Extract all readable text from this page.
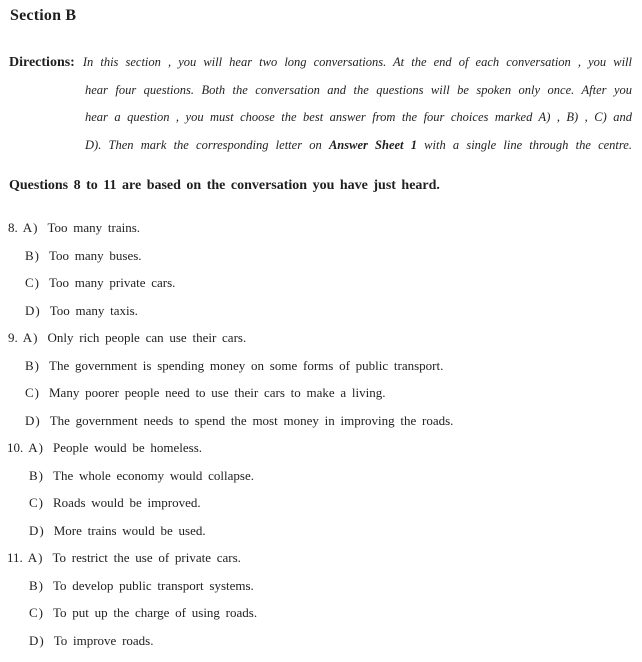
Section B
Directions: In this section , you will hear two long conversations. At the end of each conversation , you will
hear four questions. Both the conversation and the questions will be spoken only once. After you
hear a question , you must choose the best answer from the four choices marked A) , B) , C) and
D). Then mark the corresponding letter on Answer Sheet 1 with a single line through the centre.
Questions 8 to 11 are based on the conversation you have just heard.
8. A) Too many trains.
B) Too many buses.
C) Too many private cars.
D) Too many taxis.
9. A) Only rich people can use their cars.
B) The government is spending money on some forms of public transport.
C) Many poorer people need to use their cars to make a living.
D) The government needs to spend the most money in improving the roads.
10. A) People would be homeless.
B) The whole economy would collapse.
C) Roads would be improved.
D) More trains would be used.
11. A) To restrict the use of private cars.
B) To develop public transport systems.
C) To put up the charge of using roads.
D) To improve roads.
